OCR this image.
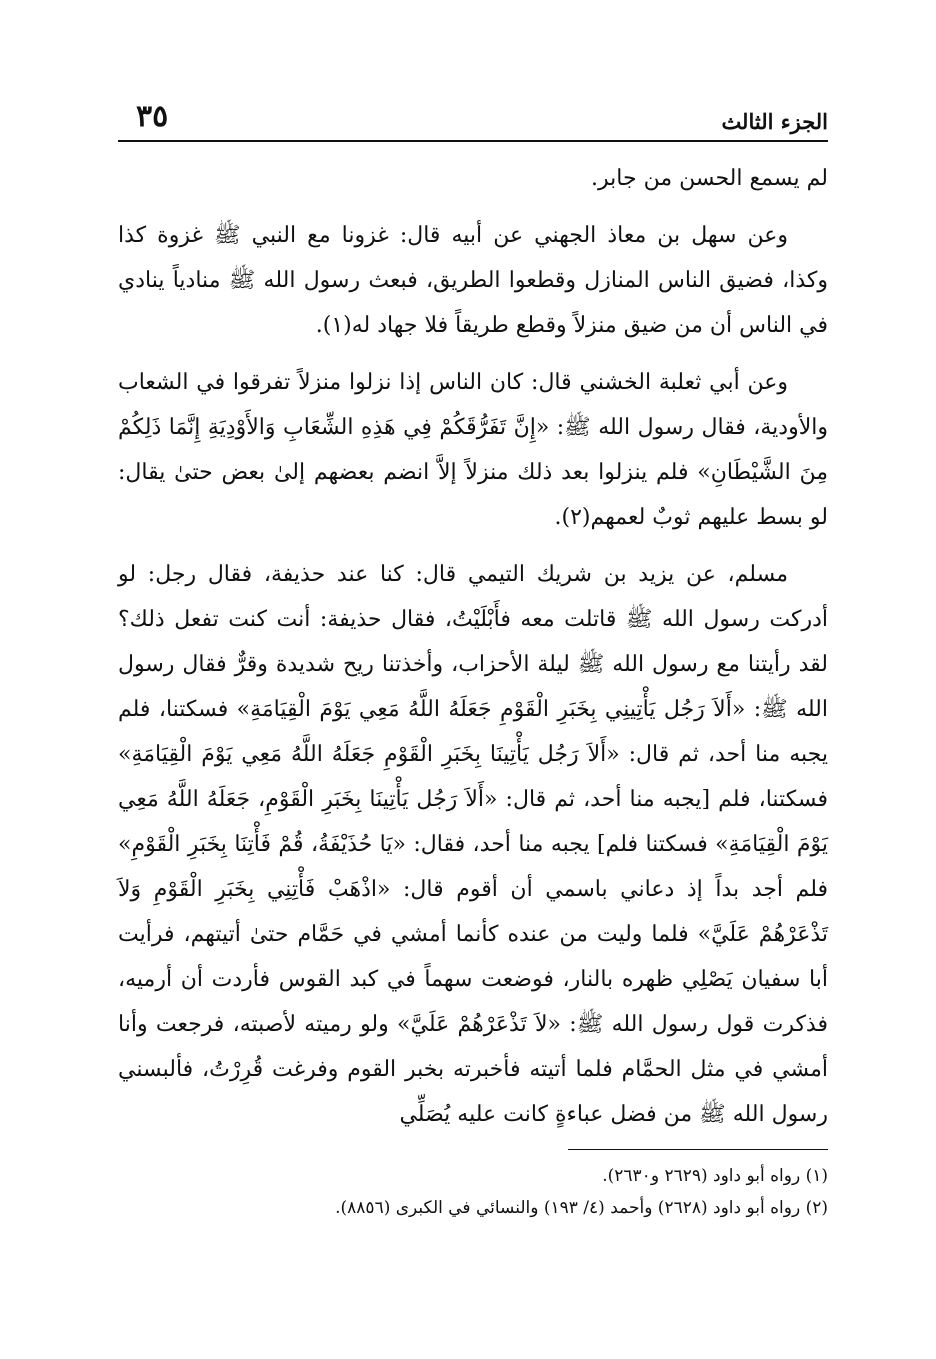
الجزء الثالث
٣٥

لم يسمع الحسن من جابر.

وعن سهل بن معاذ الجهني عن أبيه قال: غزونا مع النبي ﷺ غزوة كذا وكذا، فضيق الناس المنازل وقطعوا الطريق، فبعث رسول الله ﷺ منادياً ينادي في الناس أن من ضيق منزلاً وقطع طريقاً فلا جهاد له(١).

وعن أبي ثعلبة الخشني قال: كان الناس إذا نزلوا منزلاً تفرقوا في الشعاب والأودية، فقال رسول الله ﷺ: «إِنَّ تَفَرُّقَكُمْ فِي هَذِهِ الشِّعَابِ وَالأَوْدِيَةِ إِنَّمَا ذَلِكُمْ مِنَ الشَّيْطَانِ» فلم ينزلوا بعد ذلك منزلاً إلاَّ انضم بعضهم إلىٰ بعض حتىٰ يقال: لو بسط عليهم ثوبٌ لعمهم(٢).

مسلم، عن يزيد بن شريك التيمي قال: كنا عند حذيفة، فقال رجل: لو أدركت رسول الله ﷺ قاتلت معه فأَبْلَيْتُ، فقال حذيفة: أنت كنت تفعل ذلك؟ لقد رأيتنا مع رسول الله ﷺ ليلة الأحزاب، وأخذتنا ريح شديدة وقرٌّ فقال رسول الله ﷺ: «أَلاَ رَجُل يَأْتِينِي بِخَبَرِ الْقَوْمِ جَعَلَهُ اللَّهُ مَعِي يَوْمَ الْقِيَامَةِ» فسكتنا، فلم يجبه منا أحد، ثم قال: «أَلاَ رَجُل يَأْتِينَا بِخَبَرِ الْقَوْمِ جَعَلَهُ اللَّهُ مَعِي يَوْمَ الْقِيَامَةِ» فسكتنا، فلم [يجبه منا أحد، ثم قال: «أَلاَ رَجُل يَأْتِينَا بِخَبَرِ الْقَوْمِ، جَعَلَهُ اللَّهُ مَعِي يَوْمَ الْقِيَامَةِ» فسكتنا فلم] يجبه منا أحد، فقال: «يَا حُذَيْفَةُ، قُمْ فَأْتِنَا بِخَبَرِ الْقَوْمِ» فلم أجد بداً إذ دعاني باسمي أن أقوم قال: «اذْهَبْ فَأْتِنِي بِخَبَرِ الْقَوْمِ وَلاَ تَذْعَرْهُمْ عَلَيَّ» فلما وليت من عنده كأنما أمشي في حَمَّام حتىٰ أتيتهم، فرأيت أبا سفيان يَصْلِي ظهره بالنار، فوضعت سهماً في كبد القوس فأردت أن أرميه، فذكرت قول رسول الله ﷺ: «لاَ تَذْعَرْهُمْ عَلَيَّ» ولو رميته لأصبته، فرجعت وأنا أمشي في مثل الحمَّام فلما أتيته فأخبرته بخبر القوم وفرغت قُرِرْتُ، فألبسني رسول الله ﷺ من فضل عباءةٍ كانت عليه يُصَلِّي

(١) رواه أبو داود (٢٦٢٩ و٢٦٣٠).

(٢) رواه أبو داود (٢٦٢٨) وأحمد (٤/ ١٩٣) والنسائي في الكبرى (٨٨٥٦).
